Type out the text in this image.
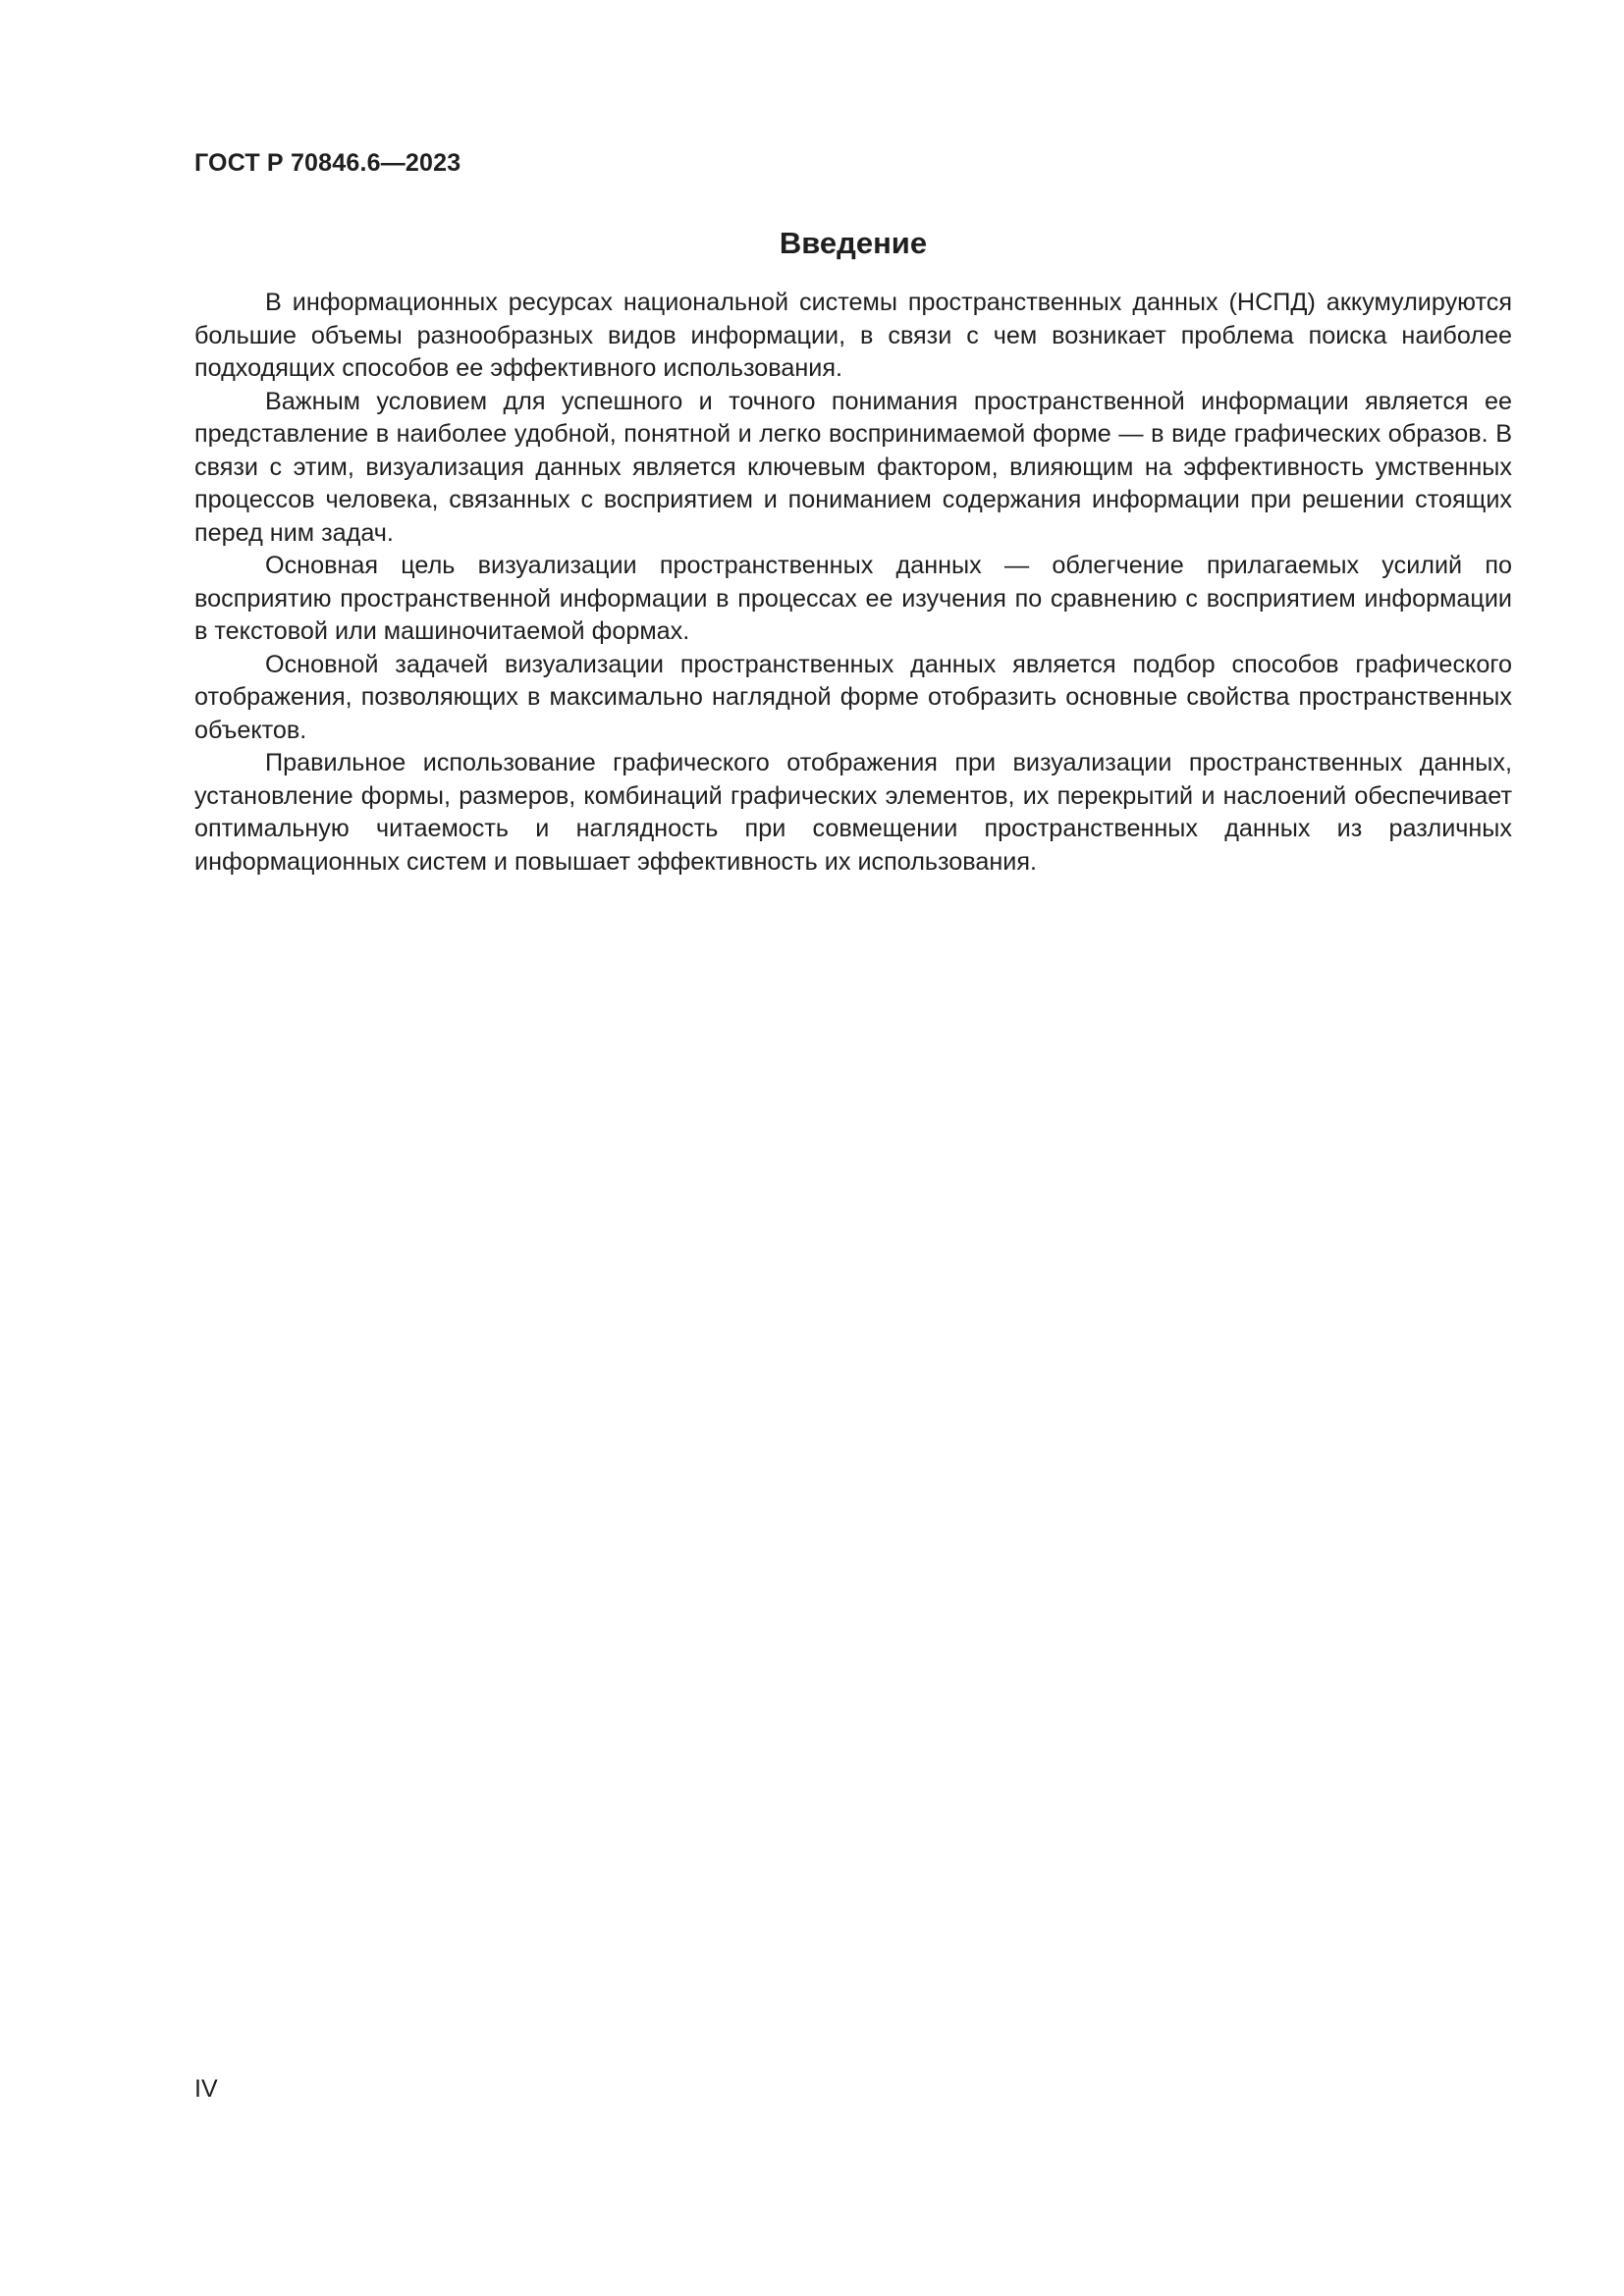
ГОСТ Р 70846.6—2023
Введение

В информационных ресурсах национальной системы пространственных данных (НСПД) аккумулируются большие объемы разнообразных видов информации, в связи с чем возникает проблема поиска наиболее подходящих способов ее эффективного использования.

Важным условием для успешного и точного понимания пространственной информации является ее представление в наиболее удобной, понятной и легко воспринимаемой форме — в виде графических образов. В связи с этим, визуализация данных является ключевым фактором, влияющим на эффективность умственных процессов человека, связанных с восприятием и пониманием содержания информации при решении стоящих перед ним задач.

Основная цель визуализации пространственных данных — облегчение прилагаемых усилий по восприятию пространственной информации в процессах ее изучения по сравнению с восприятием информации в текстовой или машиночитаемой формах.

Основной задачей визуализации пространственных данных является подбор способов графического отображения, позволяющих в максимально наглядной форме отобразить основные свойства пространственных объектов.

Правильное использование графического отображения при визуализации пространственных данных, установление формы, размеров, комбинаций графических элементов, их перекрытий и наслоений обеспечивает оптимальную читаемость и наглядность при совмещении пространственных данных из различных информационных систем и повышает эффективность их использования.

IV
